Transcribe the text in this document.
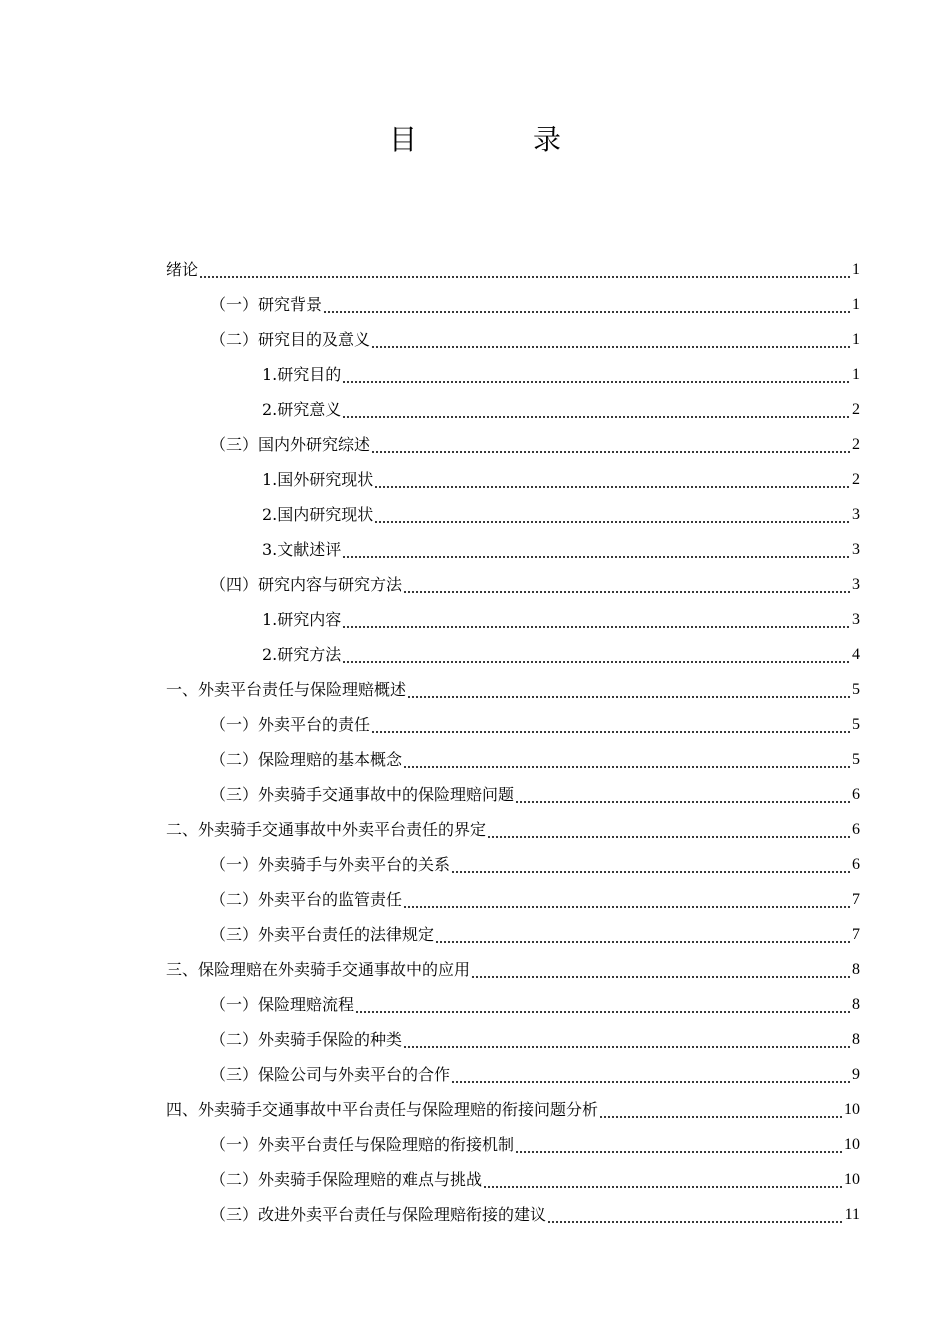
目　录
绪论	1
（一）研究背景	1
（二）研究目的及意义	1
1.研究目的	1
2.研究意义	2
（三）国内外研究综述	2
1.国外研究现状	2
2.国内研究现状	3
3.文献述评	3
（四）研究内容与研究方法	3
1.研究内容	3
2.研究方法	4
一、外卖平台责任与保险理赔概述	5
（一）外卖平台的责任	5
（二）保险理赔的基本概念	5
（三）外卖骑手交通事故中的保险理赔问题	6
二、外卖骑手交通事故中外卖平台责任的界定	6
（一）外卖骑手与外卖平台的关系	6
（二）外卖平台的监管责任	7
（三）外卖平台责任的法律规定	7
三、保险理赔在外卖骑手交通事故中的应用	8
（一）保险理赔流程	8
（二）外卖骑手保险的种类	8
（三）保险公司与外卖平台的合作	9
四、外卖骑手交通事故中平台责任与保险理赔的衔接问题分析	10
（一）外卖平台责任与保险理赔的衔接机制	10
（二）外卖骑手保险理赔的难点与挑战	10
（三）改进外卖平台责任与保险理赔衔接的建议	11
